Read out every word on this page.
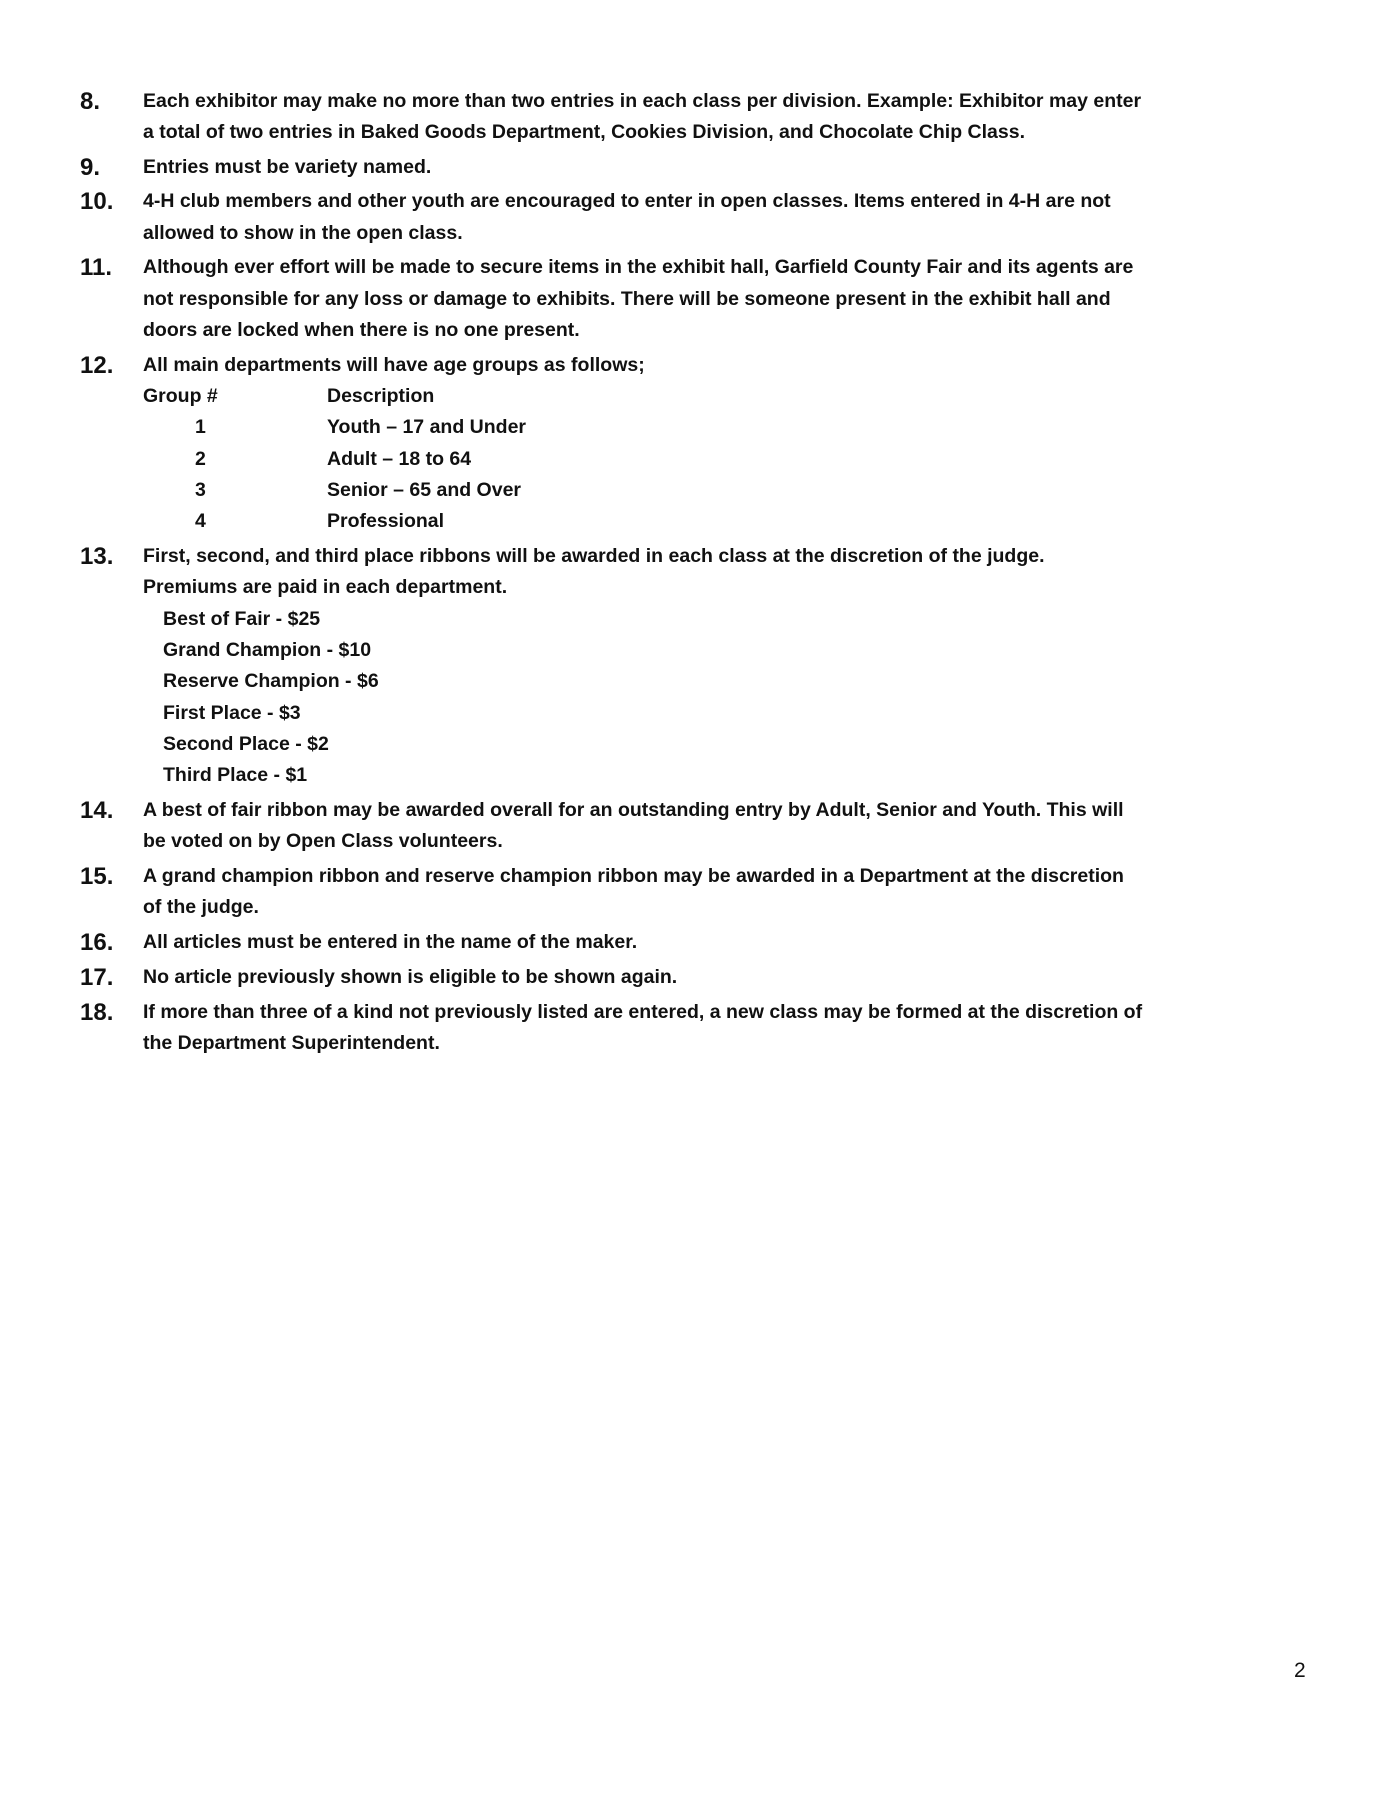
8. Each exhibitor may make no more than two entries in each class per division. Example: Exhibitor may enter
a total of two entries in Baked Goods Department, Cookies Division, and Chocolate Chip Class.
9. Entries must be variety named.
10. 4-H club members and other youth are encouraged to enter in open classes. Items entered in 4-H are not
allowed to show in the open class.
11. Although ever effort will be made to secure items in the exhibit hall, Garfield County Fair and its agents are
not responsible for any loss or damage to exhibits. There will be someone present in the exhibit hall and
doors are locked when there is no one present.
12. All main departments will have age groups as follows;
Group #	Description
1	Youth – 17 and Under
2	Adult – 18 to 64
3	Senior – 65 and Over
4	Professional
13. First, second, and third place ribbons will be awarded in each class at the discretion of the judge.
Premiums are paid in each department.
Best of Fair - $25
Grand Champion - $10
Reserve Champion - $6
First Place - $3
Second Place - $2
Third Place - $1
14. A best of fair ribbon may be awarded overall for an outstanding entry by Adult, Senior and Youth. This will
be voted on by Open Class volunteers.
15. A grand champion ribbon and reserve champion ribbon may be awarded in a Department at the discretion
of the judge.
16. All articles must be entered in the name of the maker.
17. No article previously shown is eligible to be shown again.
18. If more than three of a kind not previously listed are entered, a new class may be formed at the discretion of
the Department Superintendent.
2
